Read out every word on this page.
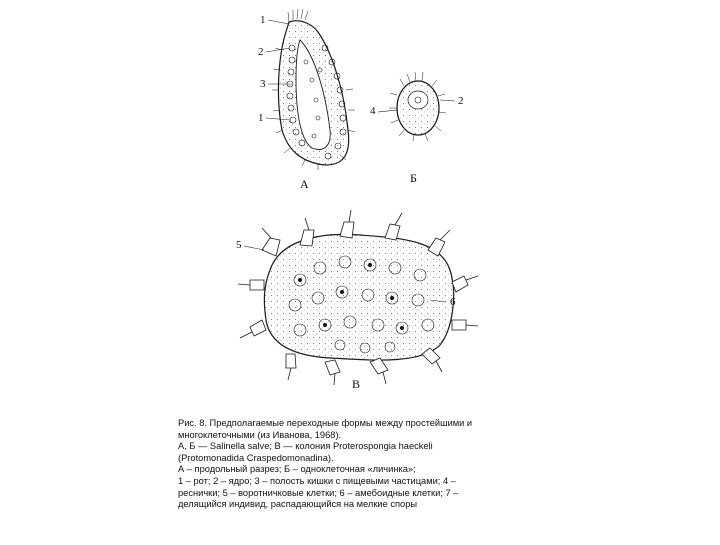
1
2
3
1
А
4
2
Б
5
6
В
Рис. 8. Предполагаемые переходные формы между простейшими и
многоклеточными (из Иванова, 1968).
А, Б — Salinella salve; В — колония Proterospongia haeckeli
(Protomonadida Craspedomonadina).
А – продольный разрез; Б – одноклеточная «личинка»;
1 – рот; 2 – ядро; 3 – полость кишки с пищевыми частицами; 4 –
реснички; 5 – воротничковые клетки; 6 – амебоидные клетки; 7 –
делящийся индивид, распадающийся на мелкие споры
